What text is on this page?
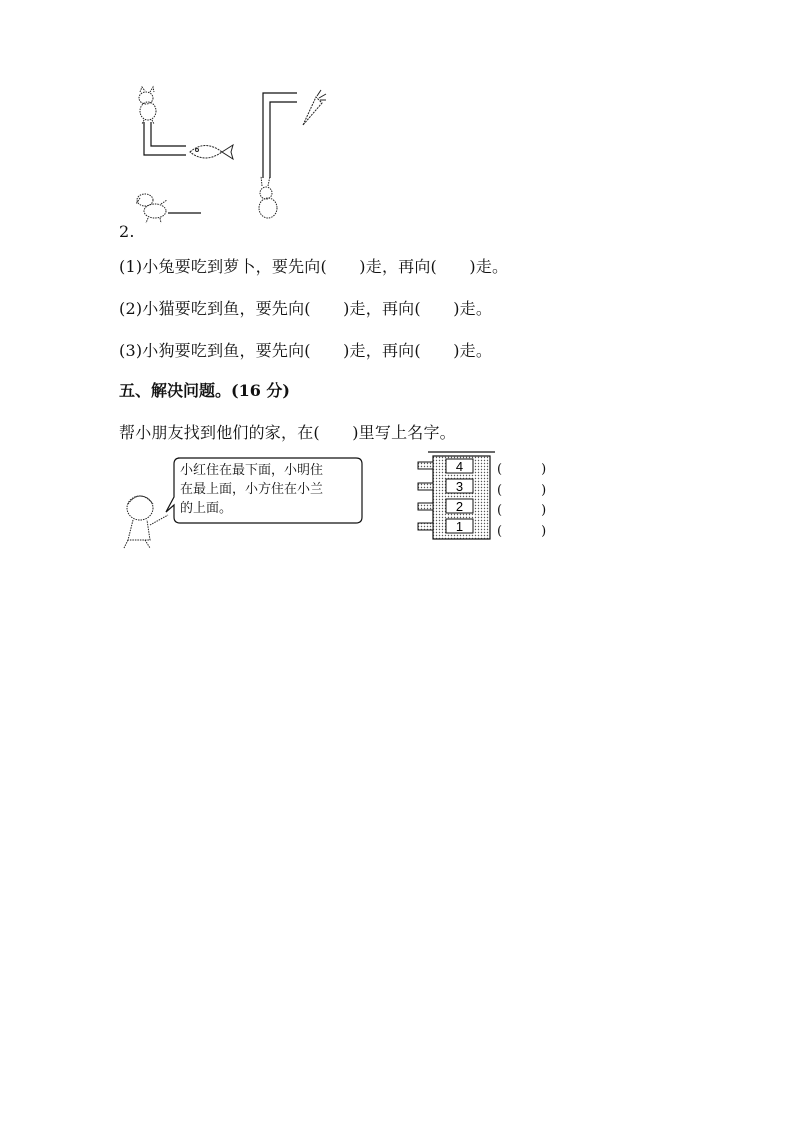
2.
(1)小兔要吃到萝卜，要先向(　　)走，再向(　　)走。
(2)小猫要吃到鱼，要先向(　　)走，再向(　　)走。
(3)小狗要吃到鱼，要先向(　　)走，再向(　　)走。
五、解决问题。(16 分)
帮小朋友找到他们的家，在(　　)里写上名字。
小红住在最下面，小明住
在最上面，小方住在小兰
的上面。
4
3
2
1
(　　　)
(　　　)
(　　　)
(　　　)
